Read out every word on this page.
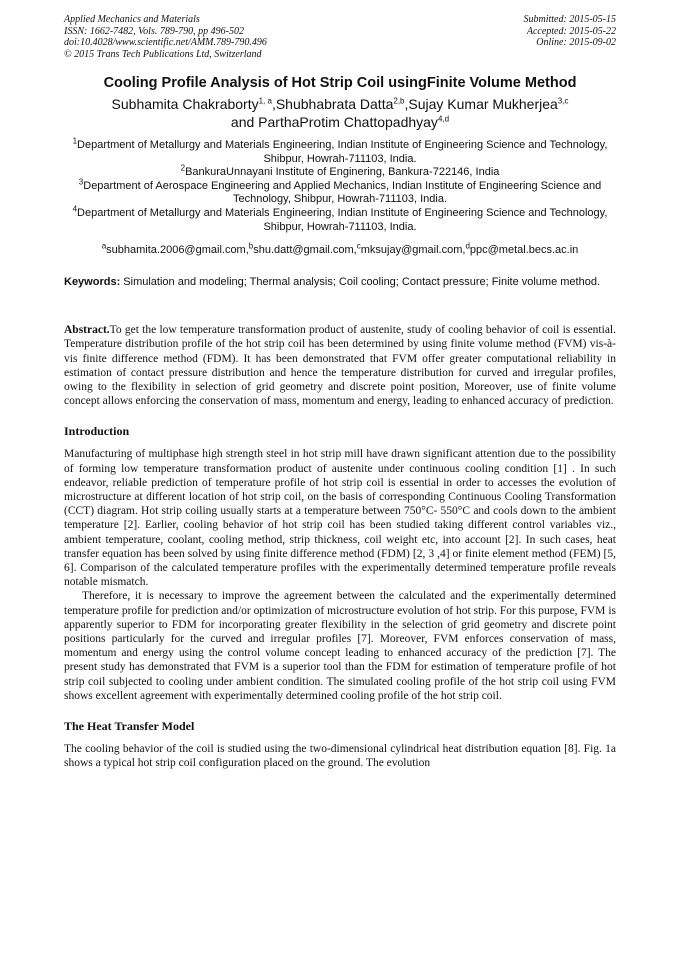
Applied Mechanics and Materials
ISSN: 1662-7482, Vols. 789-790, pp 496-502
doi:10.4028/www.scientific.net/AMM.789-790.496
© 2015 Trans Tech Publications Ltd, Switzerland
Submitted: 2015-05-15
Accepted: 2015-05-22
Online: 2015-09-02
Cooling Profile Analysis of Hot Strip Coil usingFinite Volume Method
Subhamita Chakraborty$^{1, a}$,Shubhabrata Datta$^{2,b}$,Sujay Kumar Mukherjea$^{3,c}$
and ParthaProtim Chattopadhyay$^{4,d}$
$^1$Department of Metallurgy and Materials Engineering, Indian Institute of Engineering Science and Technology, Shibpur, Howrah-711103, India.
$^2$BankuraUnnayani Institute of Enginering, Bankura-722146, India
$^3$Department of Aerospace Engineering and Applied Mechanics, Indian Institute of Engineering Science and Technology, Shibpur, Howrah-711103, India.
$^4$Department of Metallurgy and Materials Engineering, Indian Institute of Engineering Science and Technology, Shibpur, Howrah-711103, India.
$^a$subhamita.2006@gmail.com,$^b$shu.datt@gmail.com,$^c$mksujay@gmail.com,$^d$ppc@metal.becs.ac.in
Keywords: Simulation and modeling; Thermal analysis; Coil cooling; Contact pressure; Finite volume method.
Abstract.To get the low temperature transformation product of austenite, study of cooling behavior of coil is essential. Temperature distribution profile of the hot strip coil has been determined by using finite volume method (FVM) vis-à-vis finite difference method (FDM). It has been demonstrated that FVM offer greater computational reliability in estimation of contact pressure distribution and hence the temperature distribution for curved and irregular profiles, owing to the flexibility in selection of grid geometry and discrete point position, Moreover, use of finite volume concept allows enforcing the conservation of mass, momentum and energy, leading to enhanced accuracy of prediction.
Introduction

Manufacturing of multiphase high strength steel in hot strip mill have drawn significant attention due to the possibility of forming low temperature transformation product of austenite under continuous cooling condition [1] . In such endeavor, reliable prediction of temperature profile of hot strip coil is essential in order to accesses the evolution of microstructure at different location of hot strip coil, on the basis of corresponding Continuous Cooling Transformation (CCT) diagram. Hot strip coiling usually starts at a temperature between 750°C- 550°C and cools down to the ambient temperature [2]. Earlier, cooling behavior of hot strip coil has been studied taking different control variables viz., ambient temperature, coolant, cooling method, strip thickness, coil weight etc, into account [2]. In such cases, heat transfer equation has been solved by using finite difference method (FDM) [2, 3 ,4] or finite element method (FEM) [5, 6]. Comparison of the calculated temperature profiles with the experimentally determined temperature profile reveals notable mismatch.

Therefore, it is necessary to improve the agreement between the calculated and the experimentally determined temperature profile for prediction and/or optimization of microstructure evolution of hot strip. For this purpose, FVM is apparently superior to FDM for incorporating greater flexibility in the selection of grid geometry and discrete point positions particularly for the curved and irregular profiles [7]. Moreover, FVM enforces conservation of mass, momentum and energy using the control volume concept leading to enhanced accuracy of the prediction [7]. The present study has demonstrated that FVM is a superior tool than the FDM for estimation of temperature profile of hot strip coil subjected to cooling under ambient condition. The simulated cooling profile of the hot strip coil using FVM shows excellent agreement with experimentally determined cooling profile of the hot strip coil.

The Heat Transfer Model

The cooling behavior of the coil is studied using the two-dimensional cylindrical heat distribution equation [8]. Fig. 1a shows a typical hot strip coil configuration placed on the ground. The evolution
